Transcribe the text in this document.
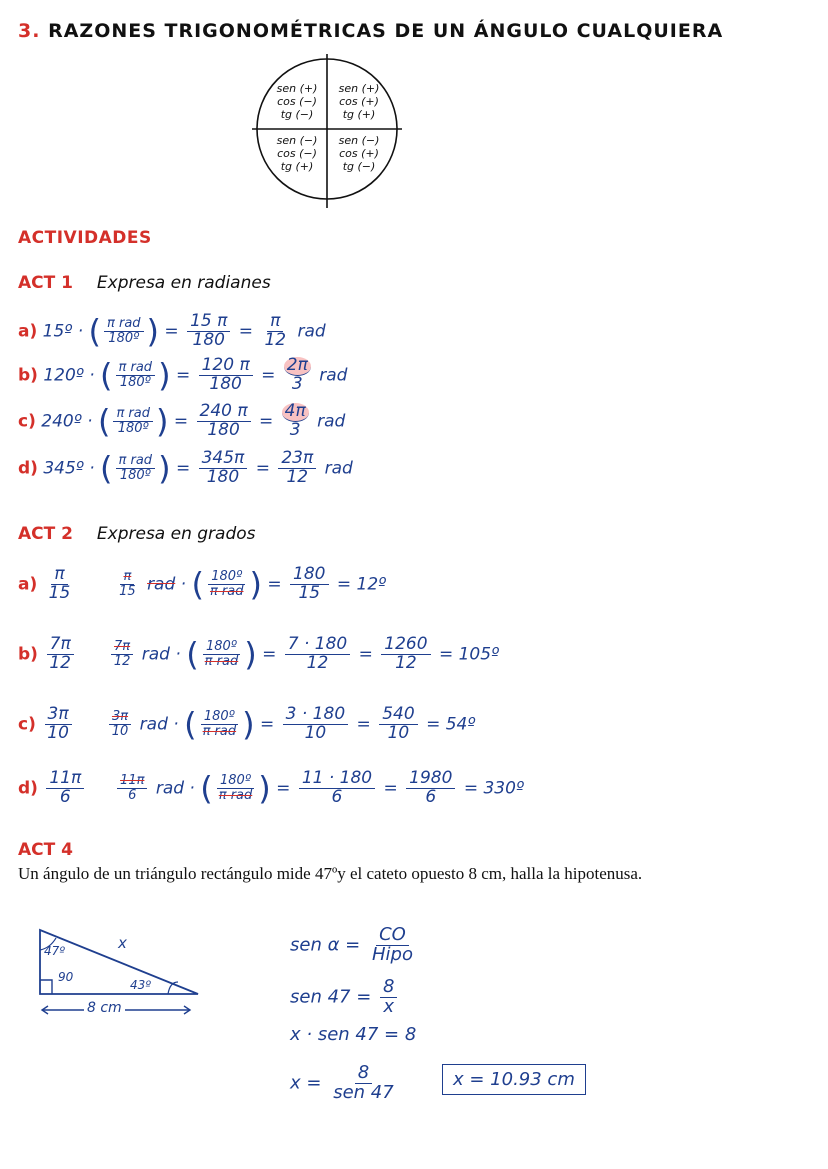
3. RAZONES TRIGONOMÉTRICAS DE UN ÁNGULO CUALQUIERA
sen (+)
cos (−)
tg (−)
sen (+)
cos (+)
tg (+)
sen (−)
cos (−)
tg (+)
sen (−)
cos (+)
tg (−)
ACTIVIDADES
ACT 1 Expresa en radianes
a) 15º · ( $\frac{\text{π rad}}{\text{180º}}$ ) = $\frac{15 \pi}{180} = \frac{\pi}{12}$ rad
b) 120º · ( $\frac{\text{π rad}}{\text{180º}}$ ) = $\frac{120 \pi}{180} = \frac{2\pi}{3}$ rad
c) 240º · ( $\frac{\text{π rad}}{\text{180º}}$ ) = $\frac{240 \pi}{180} = \frac{4\pi}{3}$ rad
d) 345º · ( $\frac{\text{π rad}}{\text{180º}}$ ) = $\frac{345\pi}{180} = \frac{23\pi}{12}$ rad
ACT 2 Expresa en grados
$a) \frac{\pi}{15}$
	$\frac{\pi}{15}$ rad · ( $\frac{\text{180º}}{\text{π rad}}$ ) = $\frac{180}{15}$ = 12º
$b) \frac{7\pi}{12}$
	$\frac{7\pi}{12}$ rad · ( $\frac{\text{180º}}{\text{π rad}}$ ) = $\frac{7 \cdot 180}{12} = \frac{1260}{12}$ = 105º
$c) \frac{3\pi}{10}$
	$\frac{3\pi}{10}$ rad · ( $\frac{\text{180º}}{\text{π rad}}$ ) = $\frac{3 \cdot 180}{10} = \frac{540}{10}$ = 54º
$d) \frac{11\pi}{6}$
	$\frac{11\pi}{6}$ rad · ( $\frac{\text{180º}}{\text{π rad}}$ ) = $\frac{11 \cdot 180}{6} = \frac{1980}{6}$ = 330º
ACT 4
Un ángulo de un triángulo rectángulo mide 47ºy el cateto opuesto 8 cm, halla la hipotenusa.
47º
90
43º
x
8 cm
sen $\alpha = \frac{CO}{\text{Hipo}}$
sen $47 = \frac{8}{x}$
x · sen 47 = 8
$x = \frac{8}{\text{sen 47}}$	x = 10.93 cm
